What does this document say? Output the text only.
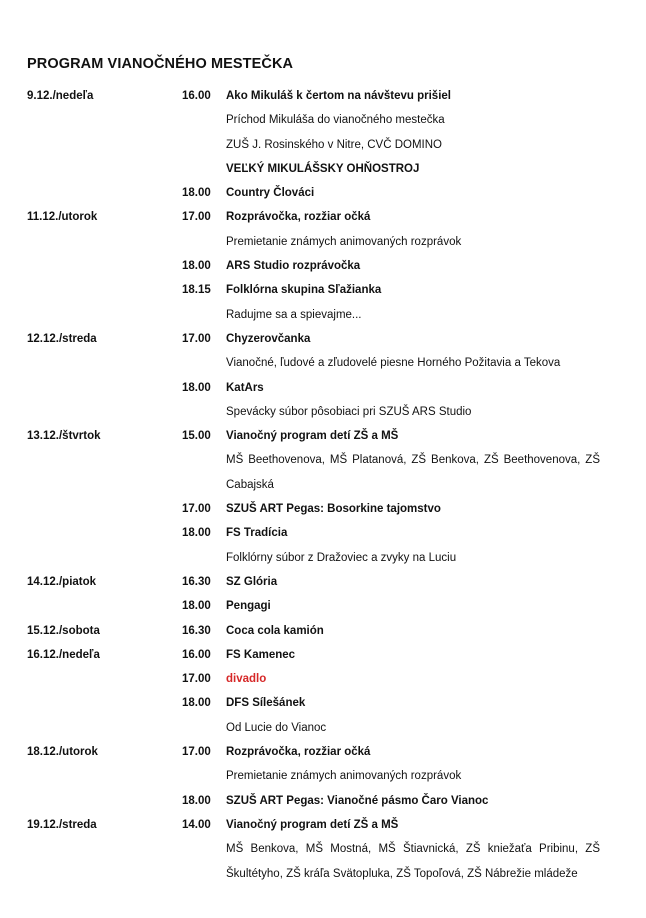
PROGRAM VIANOČNÉHO MESTEČKA
9.12./nedeľa	16.00 Ako Mikuláš k čertom na návštevu prišiel
Príchod Mikuláša do vianočného mestečka
ZUŠ J. Rosinského v Nitre, CVČ DOMINO
VEĽKÝ MIKULÁŠSKY OHŇOSTROJ
18.00 Country Člováci
11.12./utorok	17.00 Rozprávočka, rozžiar očká
Premietanie známych animovaných rozprávok
18.00 ARS Studio rozprávočka
18.15 Folklórna skupina Sľažianka
Radujme sa a spievajme...
12.12./streda	17.00 Chyzerovčanka
Vianočné, ľudové a zľudovelé piesne Horného Požitavia a Tekova
18.00 KatArs
Spevácky súbor pôsobiaci pri SZUŠ ARS Studio
13.12./štvrtok	15.00 Vianočný program detí ZŠ a MŠ
MŠ Beethovenova, MŠ Platanová, ZŠ Benkova, ZŠ Beethovenova, ZŠ
Cabajská
17.00 SZUŠ ART Pegas: Bosorkine tajomstvo
18.00 FS Tradícia
Folklórny súbor z Dražoviec a zvyky na Luciu
14.12./piatok	16.30 SZ Glória
18.00 Pengagi
15.12./sobota	16.30 Coca cola kamión
16.12./nedeľa	16.00 FS Kamenec
17.00 divadlo
18.00 DFS Sílešánek
Od Lucie do Vianoc
18.12./utorok	17.00 Rozprávočka, rozžiar očká
Premietanie známych animovaných rozprávok
18.00 SZUŠ ART Pegas: Vianočné pásmo Čaro Vianoc
19.12./streda	14.00 Vianočný program detí ZŠ a MŠ
MŠ Benkova, MŠ Mostná, MŠ Štiavnická, ZŠ kniežaťa Pribinu, ZŠ
Škultétyho, ZŠ kráľa Svätopluka, ZŠ Topoľová, ZŠ Nábrežie mládeže
